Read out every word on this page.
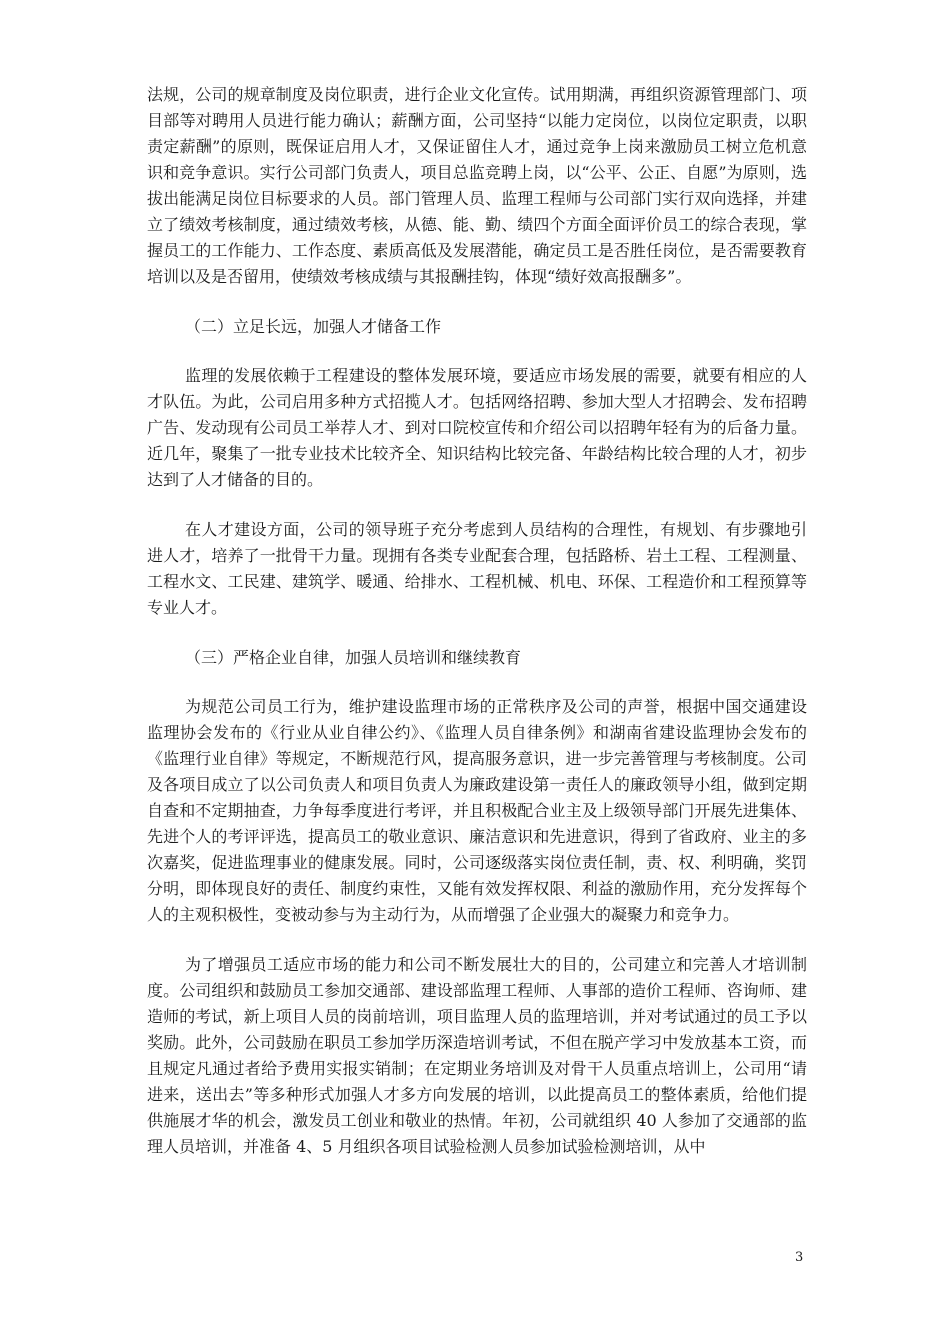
法规，公司的规章制度及岗位职责，进行企业文化宣传。试用期满，再组织资源管理部门、项目部等对聘用人员进行能力确认；薪酬方面，公司坚持“以能力定岗位，以岗位定职责，以职责定薪酬”的原则，既保证启用人才，又保证留住人才，通过竞争上岗来激励员工树立危机意识和竞争意识。实行公司部门负责人，项目总监竞聘上岗，以“公平、公正、自愿”为原则，选拔出能满足岗位目标要求的人员。部门管理人员、监理工程师与公司部门实行双向选择，并建立了绩效考核制度，通过绩效考核，从德、能、勤、绩四个方面全面评价员工的综合表现，掌握员工的工作能力、工作态度、素质高低及发展潜能，确定员工是否胜任岗位，是否需要教育培训以及是否留用，使绩效考核成绩与其报酬挂钩，体现“绩好效高报酬多”。

（二）立足长远，加强人才储备工作

监理的发展依赖于工程建设的整体发展环境，要适应市场发展的需要，就要有相应的人才队伍。为此，公司启用多种方式招揽人才。包括网络招聘、参加大型人才招聘会、发布招聘广告、发动现有公司员工举荐人才、到对口院校宣传和介绍公司以招聘年轻有为的后备力量。近几年，聚集了一批专业技术比较齐全、知识结构比较完备、年龄结构比较合理的人才，初步达到了人才储备的目的。

在人才建设方面，公司的领导班子充分考虑到人员结构的合理性，有规划、有步骤地引进人才，培养了一批骨干力量。现拥有各类专业配套合理，包括路桥、岩土工程、工程测量、工程水文、工民建、建筑学、暖通、给排水、工程机械、机电、环保、工程造价和工程预算等专业人才。

（三）严格企业自律，加强人员培训和继续教育

为规范公司员工行为，维护建设监理市场的正常秩序及公司的声誉，根据中国交通建设监理协会发布的《行业从业自律公约》、《监理人员自律条例》和湖南省建设监理协会发布的《监理行业自律》等规定，不断规范行风，提高服务意识，进一步完善管理与考核制度。公司及各项目成立了以公司负责人和项目负责人为廉政建设第一责任人的廉政领导小组，做到定期自查和不定期抽查，力争每季度进行考评，并且积极配合业主及上级领导部门开展先进集体、先进个人的考评评选，提高员工的敬业意识、廉洁意识和先进意识，得到了省政府、业主的多次嘉奖，促进监理事业的健康发展。同时，公司逐级落实岗位责任制，责、权、利明确，奖罚分明，即体现良好的责任、制度约束性，又能有效发挥权限、利益的激励作用，充分发挥每个人的主观积极性，变被动参与为主动行为，从而增强了企业强大的凝聚力和竞争力。

为了增强员工适应市场的能力和公司不断发展壮大的目的，公司建立和完善人才培训制度。公司组织和鼓励员工参加交通部、建设部监理工程师、人事部的造价工程师、咨询师、建造师的考试，新上项目人员的岗前培训，项目监理人员的监理培训，并对考试通过的员工予以奖励。此外，公司鼓励在职员工参加学历深造培训考试，不但在脱产学习中发放基本工资，而且规定凡通过者给予费用实报实销制；在定期业务培训及对骨干人员重点培训上，公司用“请进来，送出去”等多种形式加强人才多方向发展的培训，以此提高员工的整体素质，给他们提供施展才华的机会，激发员工创业和敬业的热情。年初，公司就组织 40 人参加了交通部的监理人员培训，并准备 4、5 月组织各项目试验检测人员参加试验检测培训，从中

3
